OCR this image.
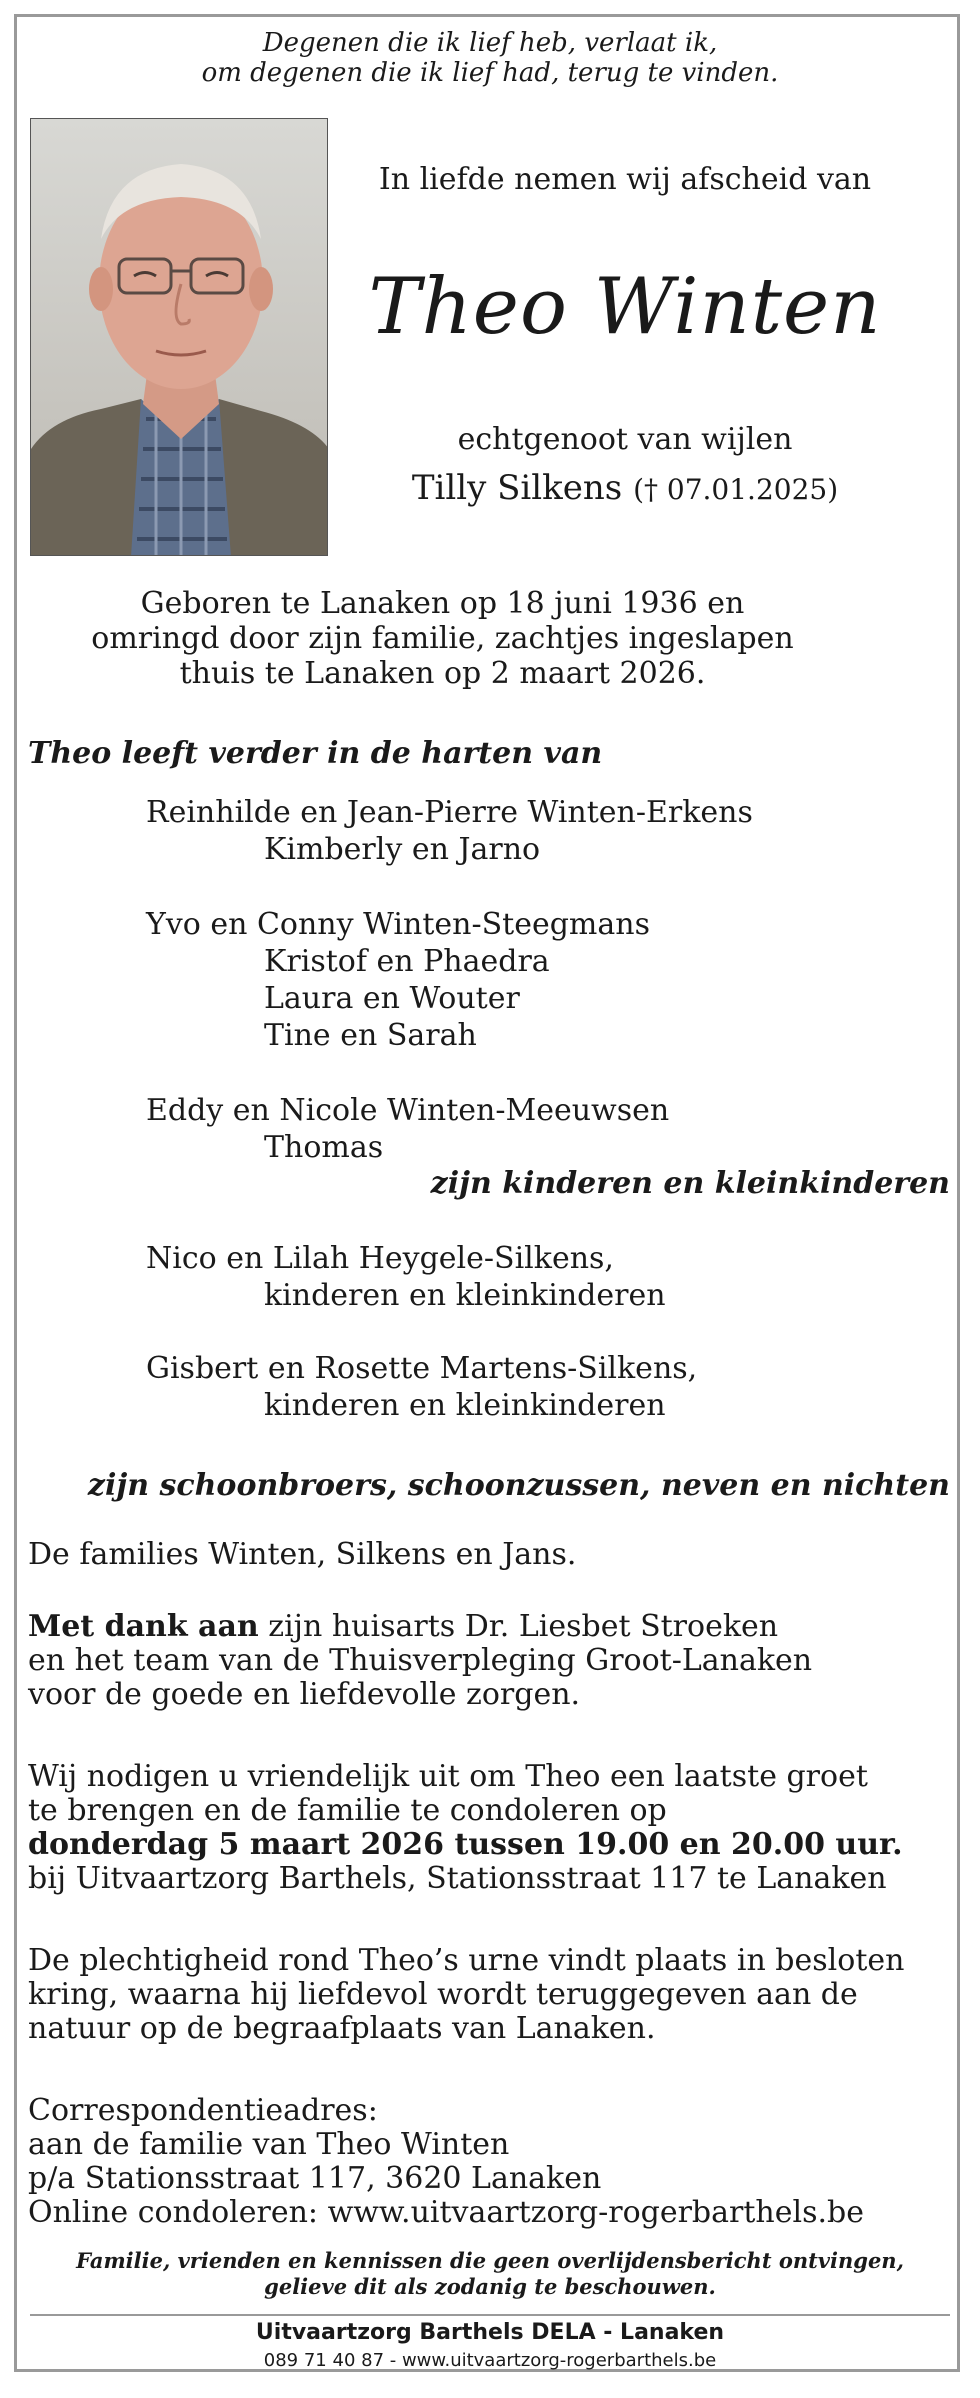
Degenen die ik lief heb, verlaat ik,
om degenen die ik lief had, terug te vinden.
In liefde nemen wij afscheid van
Theo Winten
echtgenoot van wijlen
Tilly Silkens († 07.01.2025)
Geboren te Lanaken op 18 juni 1936 en
omringd door zijn familie, zachtjes ingeslapen
thuis te Lanaken op 2 maart 2026.
Theo leeft verder in de harten van
Reinhilde en Jean-Pierre Winten-Erkens
Kimberly en Jarno
Yvo en Conny Winten-Steegmans
Kristof en Phaedra
Laura en Wouter
Tine en Sarah
Eddy en Nicole Winten-Meeuwsen
Thomas
zijn kinderen en kleinkinderen
Nico en Lilah Heygele-Silkens,
kinderen en kleinkinderen
Gisbert en Rosette Martens-Silkens,
kinderen en kleinkinderen
zijn schoonbroers, schoonzussen, neven en nichten
De families Winten, Silkens en Jans.
Met dank aan zijn huisarts Dr. Liesbet Stroeken
en het team van de Thuisverpleging Groot-Lanaken
voor de goede en liefdevolle zorgen.
Wij nodigen u vriendelijk uit om Theo een laatste groet
te brengen en de familie te condoleren op
donderdag 5 maart 2026 tussen 19.00 en 20.00 uur.
bij Uitvaartzorg Barthels, Stationsstraat 117 te Lanaken
De plechtigheid rond Theo’s urne vindt plaats in besloten
kring, waarna hij liefdevol wordt teruggegeven aan de
natuur op de begraafplaats van Lanaken.
Correspondentieadres:
aan de familie van Theo Winten
p/a Stationsstraat 117, 3620 Lanaken
Online condoleren: www.uitvaartzorg-rogerbarthels.be
Familie, vrienden en kennissen die geen overlijdensbericht ontvingen,
gelieve dit als zodanig te beschouwen.
Uitvaartzorg Barthels DELA - Lanaken
089 71 40 87 - www.uitvaartzorg-rogerbarthels.be
